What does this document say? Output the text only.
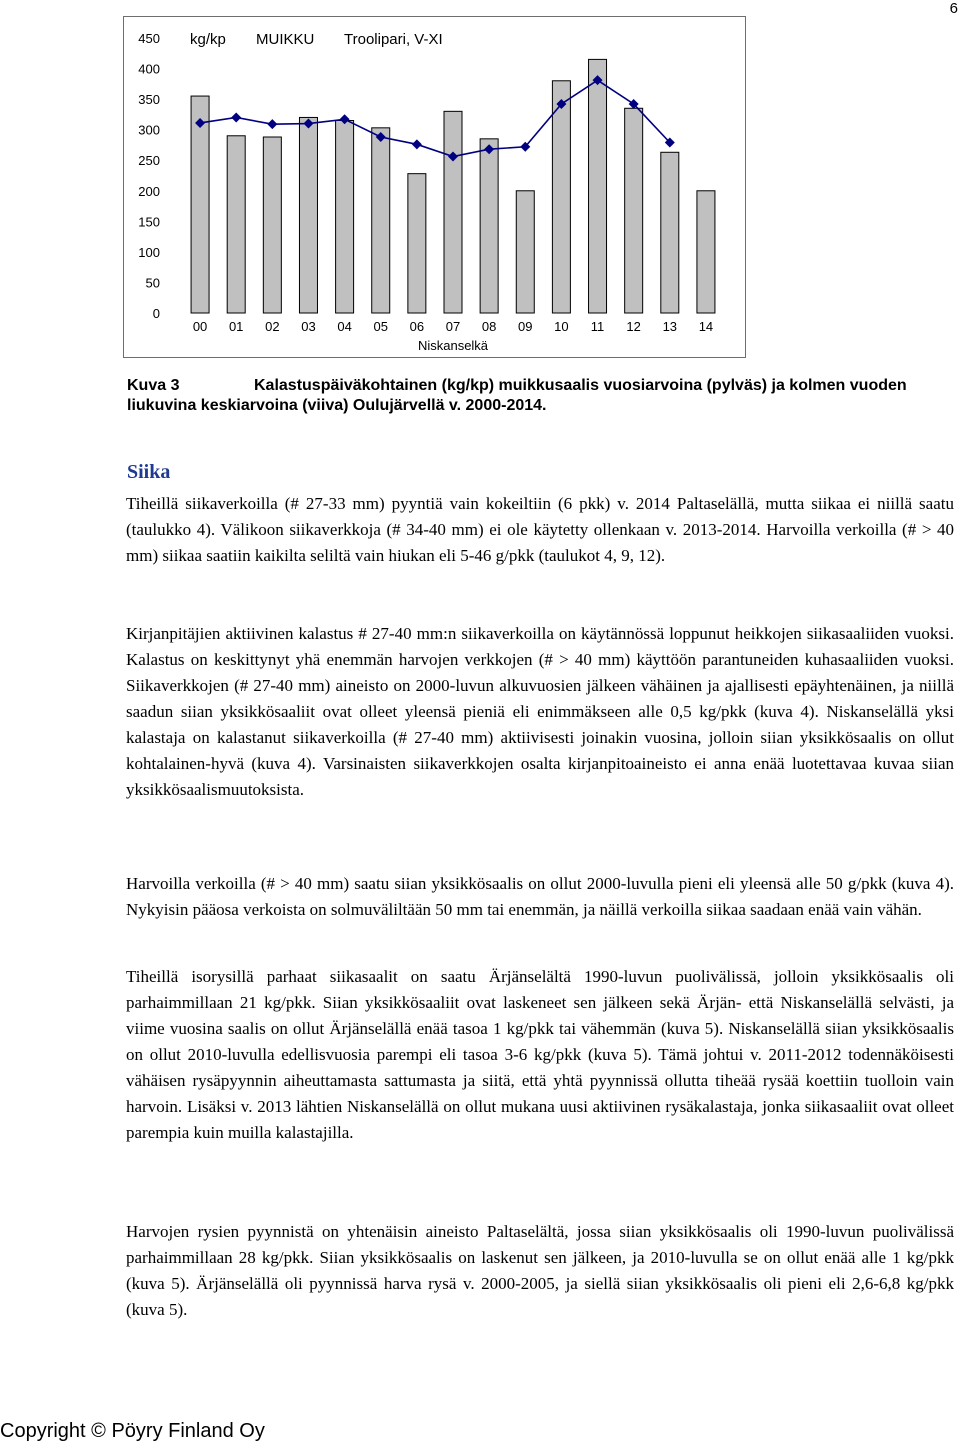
6
0
50
100
150
200
250
300
350
400
450 kg/kp MUIKKU Troolipari, V-XI
00 01 02 03 04 05 06 07 08 09 10 11 12 13 14
Niskanselkä
Kuva 3	Kalastuspäiväkohtainen (kg/kp) muikkusaalis vuosiarvoina (pylväs) ja kolmen vuoden liukuvina keskiarvoina (viiva) Oulujärvellä v. 2000-2014.
Siika

Tiheillä siikaverkoilla (# 27-33 mm) pyyntiä vain kokeiltiin (6 pkk) v. 2014 Paltaselällä, mutta siikaa ei niillä saatu (taulukko 4). Välikoon siikaverkkoja (# 34-40 mm) ei ole käytetty ollenkaan v. 2013-2014. Harvoilla verkoilla (# > 40 mm) siikaa saatiin kaikilta seliltä vain hiukan eli 5-46 g/pkk (taulukot 4, 9, 12).

Kirjanpitäjien aktiivinen kalastus # 27-40 mm:n siikaverkoilla on käytännössä loppunut heikkojen siikasaaliiden vuoksi. Kalastus on keskittynyt yhä enemmän harvojen verkkojen (# > 40 mm) käyttöön parantuneiden kuhasaaliiden vuoksi. Siikaverkkojen (# 27-40 mm) aineisto on 2000-luvun alkuvuosien jälkeen vähäinen ja ajallisesti epäyhtenäinen, ja niillä saadun siian yksikkösaaliit ovat olleet yleensä pieniä eli enimmäkseen alle 0,5 kg/pkk (kuva 4). Niskanselällä yksi kalastaja on kalastanut siikaverkoilla (# 27-40 mm) aktiivisesti joinakin vuosina, jolloin siian yksikkösaalis on ollut kohtalainen-hyvä (kuva 4). Varsinaisten siikaverkkojen osalta kirjanpitoaineisto ei anna enää luotettavaa kuvaa siian yksikkösaalismuutoksista.

Harvoilla verkoilla (# > 40 mm) saatu siian yksikkösaalis on ollut 2000-luvulla pieni eli yleensä alle 50 g/pkk (kuva 4). Nykyisin pääosa verkoista on solmuväliltään 50 mm tai enemmän, ja näillä verkoilla siikaa saadaan enää vain vähän.

Tiheillä isorysillä parhaat siikasaalit on saatu Ärjänselältä 1990-luvun puolivälissä, jolloin yksikkösaalis oli parhaimmillaan 21 kg/pkk. Siian yksikkösaaliit ovat laskeneet sen jälkeen sekä Ärjän- että Niskanselällä selvästi, ja viime vuosina saalis on ollut Ärjänselällä enää tasoa 1 kg/pkk tai vähemmän (kuva 5). Niskanselällä siian yksikkösaalis on ollut 2010-luvulla edellisvuosia parempi eli tasoa 3-6 kg/pkk (kuva 5). Tämä johtui v. 2011-2012 todennäköisesti vähäisen rysäpyynnin aiheuttamasta sattumasta ja siitä, että yhtä pyynnissä ollutta tiheää rysää koettiin tuolloin vain harvoin. Lisäksi v. 2013 lähtien Niskanselällä on ollut mukana uusi aktiivinen rysäkalastaja, jonka siikasaaliit ovat olleet parempia kuin muilla kalastajilla.

Harvojen rysien pyynnistä on yhtenäisin aineisto Paltaselältä, jossa siian yksikkösaalis oli 1990-luvun puolivälissä parhaimmillaan 28 kg/pkk. Siian yksikkösaalis on laskenut sen jälkeen, ja 2010-luvulla se on ollut enää alle 1 kg/pkk (kuva 5). Ärjänselällä oli pyynnissä harva rysä v. 2000-2005, ja siellä siian yksikkösaalis oli pieni eli 2,6-6,8 kg/pkk (kuva 5).

Copyright © Pöyry Finland Oy
